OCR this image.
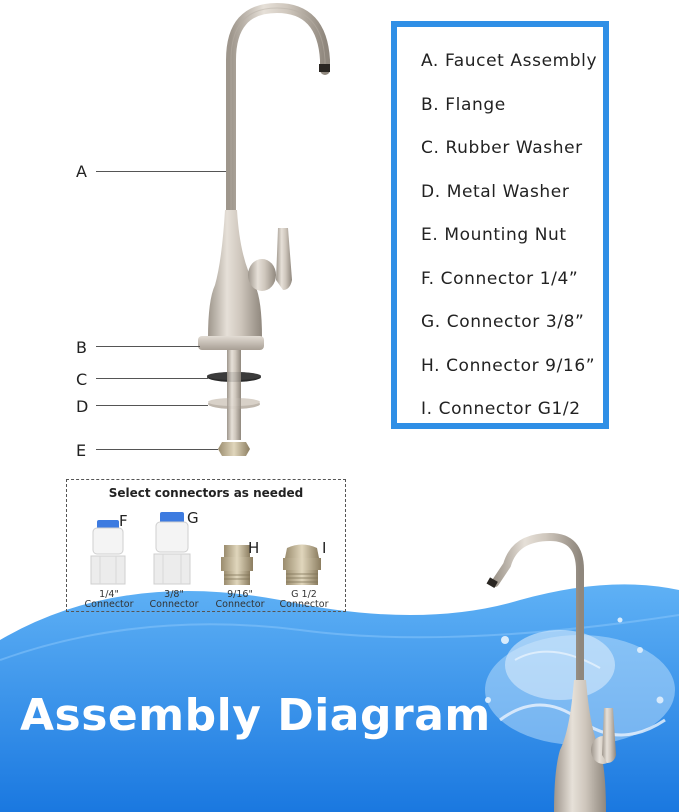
A
B
C
D
E
A. Faucet Assembly
B. Flange
C. Rubber Washer
D. Metal Washer
E. Mounting Nut
F. Connector 1/4”
G. Connector 3/8”
H. Connector 9/16”
I. Connector G1/2
Select connectors as needed
F	G
H	I
1/4"
Connector
3/8"
Connector
9/16"
Connector
G 1/2
Connector
Assembly Diagram
